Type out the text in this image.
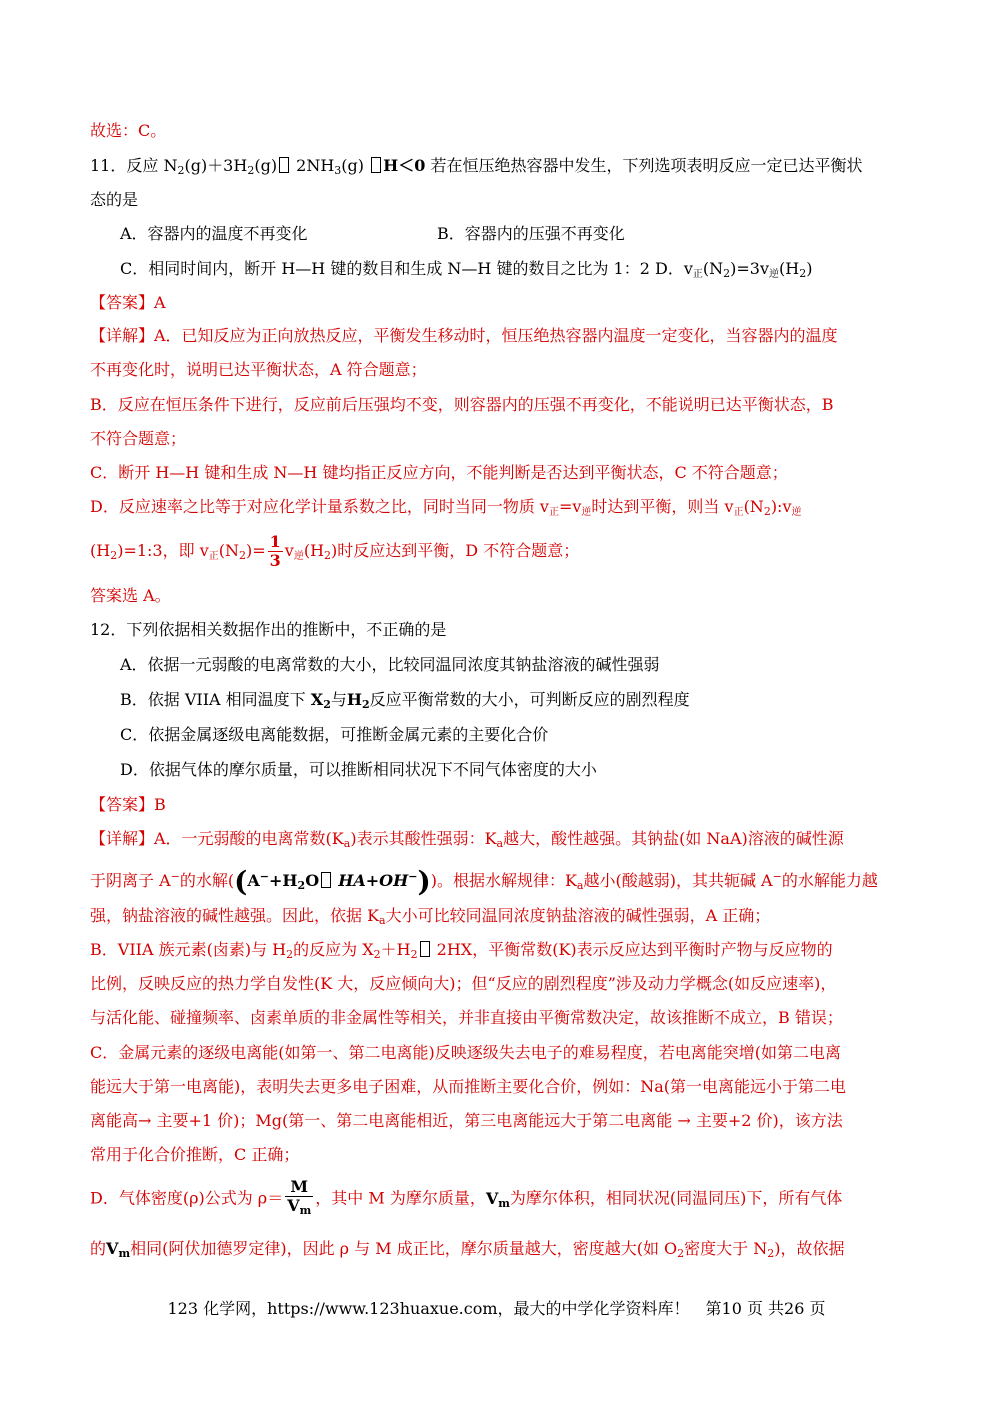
故选：C。
11．反应 $N_2(g)+3H_2(g)$ $2NH_3(g)$ H＜0 若在恒压绝热容器中发生，下列选项表明反应一定已达平衡状
态的是
A．容器内的温度不再变化	B．容器内的压强不再变化
C．相同时间内，断开 H—H 键的数目和生成 N—H 键的数目之比为 1：2 D．v正$(N_2)=3v$逆$(H_2)$
【答案】A
【详解】A．已知反应为正向放热反应，平衡发生移动时，恒压绝热容器内温度一定变化，当容器内的温度
不再变化时，说明已达平衡状态，A 符合题意；
B．反应在恒压条件下进行，反应前后压强均不变，则容器内的压强不再变化，不能说明已达平衡状态，B
不符合题意；
C．断开 H—H 键和生成 N—H 键均指正反应方向，不能判断是否达到平衡状态，C 不符合题意；
D．反应速率之比等于对应化学计量系数之比，同时当同一物质 v正=v逆时达到平衡，则当 v正$(N_2):v$逆
$(H_2)=1:3$，即 v正$(N_2)= \frac{1}{3}$ v逆$(H_2)$时反应达到平衡，D 不符合题意；
答案选 A。
12．下列依据相关数据作出的推断中，不正确的是
A．依据一元弱酸的电离常数的大小，比较同温同浓度其钠盐溶液的碱性强弱
B．依据 VIIA 相同温度下 $X_2$与$H_2$反应平衡常数的大小，可判断反应的剧烈程度
C．依据金属逐级电离能数据，可推断金属元素的主要化合价
D．依据气体的摩尔质量，可以推断相同状况下不同气体密度的大小
【答案】B
【详解】A．一元弱酸的电离常数$(K_a)$表示其酸性强弱：$K_a$越大，酸性越强。其钠盐(如 NaA)溶液的碱性源
于阴离子 A−的水解(($A^-+H_2O$ HA+OH−))。根据水解规律：$K_a$越小(酸越弱)，其共轭碱 A−的水解能力越
强，钠盐溶液的碱性越强。因此，依据 $K_a$大小可比较同温同浓度钠盐溶液的碱性强弱，A 正确；
B．VIIA 族元素(卤素)与 $H_2$的反应为 $X_2+H_2$ 2HX，平衡常数(K)表示反应达到平衡时产物与反应物的
比例，反映反应的热力学自发性(K 大，反应倾向大)；但“反应的剧烈程度”涉及动力学概念(如反应速率)，
与活化能、碰撞频率、卤素单质的非金属性等相关，并非直接由平衡常数决定，故该推断不成立，B 错误；
C．金属元素的逐级电离能(如第一、第二电离能)反映逐级失去电子的难易程度，若电离能突增(如第二电离
能远大于第一电离能)，表明失去更多电子困难，从而推断主要化合价，例如：Na(第一电离能远小于第二电
离能高→ 主要+1 价)；Mg(第一、第二电离能相近，第三电离能远大于第二电离能 → 主要+2 价)，该方法
常用于化合价推断，C 正确；
D．气体密度(ρ)公式为 $\rho= \frac{M}{V_m}$ ，其中 M 为摩尔质量，$V_m$为摩尔体积，相同状况(同温同压)下，所有气体
的$V_m$相同(阿伏加德罗定律)，因此 ρ 与 M 成正比，摩尔质量越大，密度越大(如 $O_2$密度大于 $N_2$)，故依据
123 化学网，https://www.123huaxue.com，最大的中学化学资料库！　第10 页 共26 页
